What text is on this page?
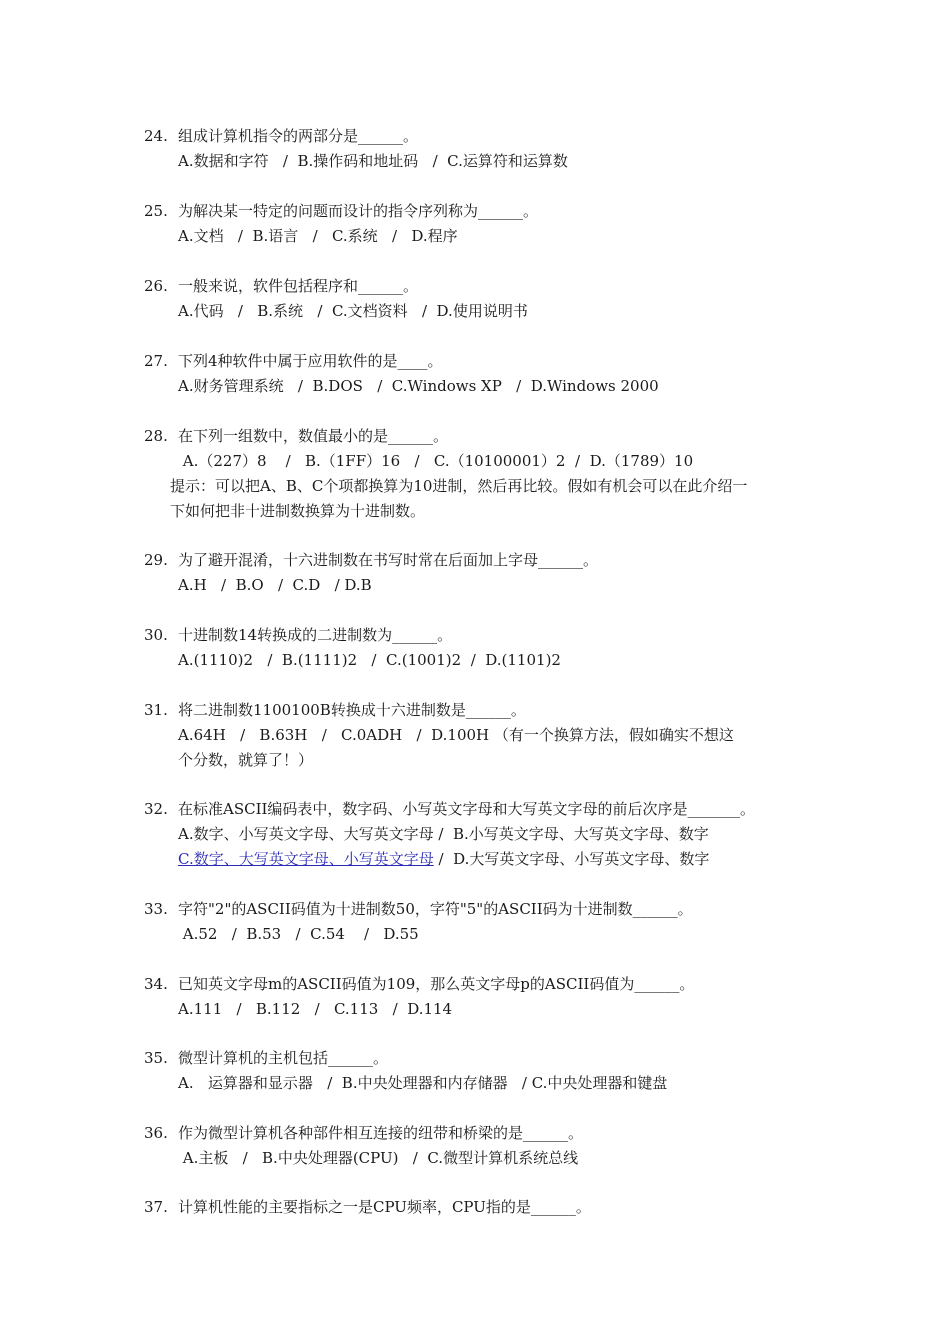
24. 组成计算机指令的两部分是______。
A.数据和字符   /  B.操作码和地址码   /  C.运算符和运算数
25. 为解决某一特定的问题而设计的指令序列称为______。
A.文档   /  B.语言   /   C.系统   /   D.程序
26. 一般来说，软件包括程序和______。
A.代码   /   B.系统   /  C.文档资料   /  D.使用说明书
27. 下列4种软件中属于应用软件的是____。
A.财务管理系统   /  B.DOS   /  C.Windows XP   /  D.Windows 2000
28. 在下列一组数中，数值最小的是______。
A.（227）8    /   B.（1FF）16   /   C.（10100001）2  /  D.（1789）10
提示：可以把A、B、C个项都换算为10进制，然后再比较。假如有机会可以在此介绍一
下如何把非十进制数换算为十进制数。
29. 为了避开混淆，十六进制数在书写时常在后面加上字母______。
A.H   /  B.O   /  C.D   / D.B
30. 十进制数14转换成的二进制数为______。
A.(1110)2   /  B.(1111)2   /  C.(1001)2  /  D.(1101)2
31. 将二进制数1100100B转换成十六进制数是______。
A.64H   /   B.63H   /   C.0ADH   /  D.100H （有一个换算方法，假如确实不想这
个分数，就算了！）
32. 在标准ASCII编码表中，数字码、小写英文字母和大写英文字母的前后次序是_______。
A.数字、小写英文字母、大写英文字母 /  B.小写英文字母、大写英文字母、数字
C.数字、大写英文字母、小写英文字母 /  D.大写英文字母、小写英文字母、数字
33. 字符"2"的ASCII码值为十进制数50，字符"5"的ASCII码为十进制数______。
A.52   /  B.53   /  C.54    /   D.55
34. 已知英文字母m的ASCII码值为109，那么英文字母p的ASCII码值为______。
A.111   /   B.112   /   C.113   /  D.114
35. 微型计算机的主机包括______。
A.   运算器和显示器   /  B.中央处理器和内存储器   / C.中央处理器和键盘
36. 作为微型计算机各种部件相互连接的纽带和桥梁的是______。
A.主板   /   B.中央处理器(CPU)   /  C.微型计算机系统总线
37. 计算机性能的主要指标之一是CPU频率，CPU指的是______。
